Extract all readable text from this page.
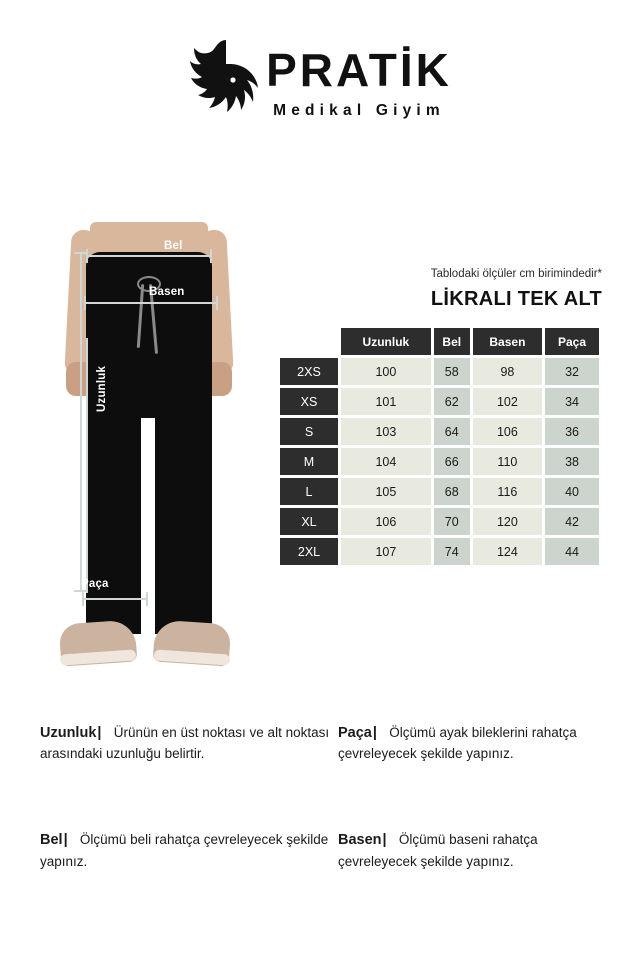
PRATİK
Medikal Giyim
Bel
Basen
Uzunluk
Paça

Tablodaki ölçüler cm birimindedir*

LİKRALI TEK ALT
	Uzunluk	Bel	Basen	Paça
2XS	100	58	98	32
XS	101	62	102	34
S	103	64	106	36
M	104	66	110	38
L	105	68	116	40
XL	106	70	120	42
2XL	107	74	124	44

Uzunluk| Ürünün en üst noktası ve alt noktası arasındaki uzunluğu belirtir.

Paça| Ölçümü ayak bileklerini rahatça çevreleyecek şekilde yapınız.

Bel| Ölçümü beli rahatça çevreleyecek şekilde yapınız.

Basen| Ölçümü baseni rahatça çevreleyecek şekilde yapınız.
